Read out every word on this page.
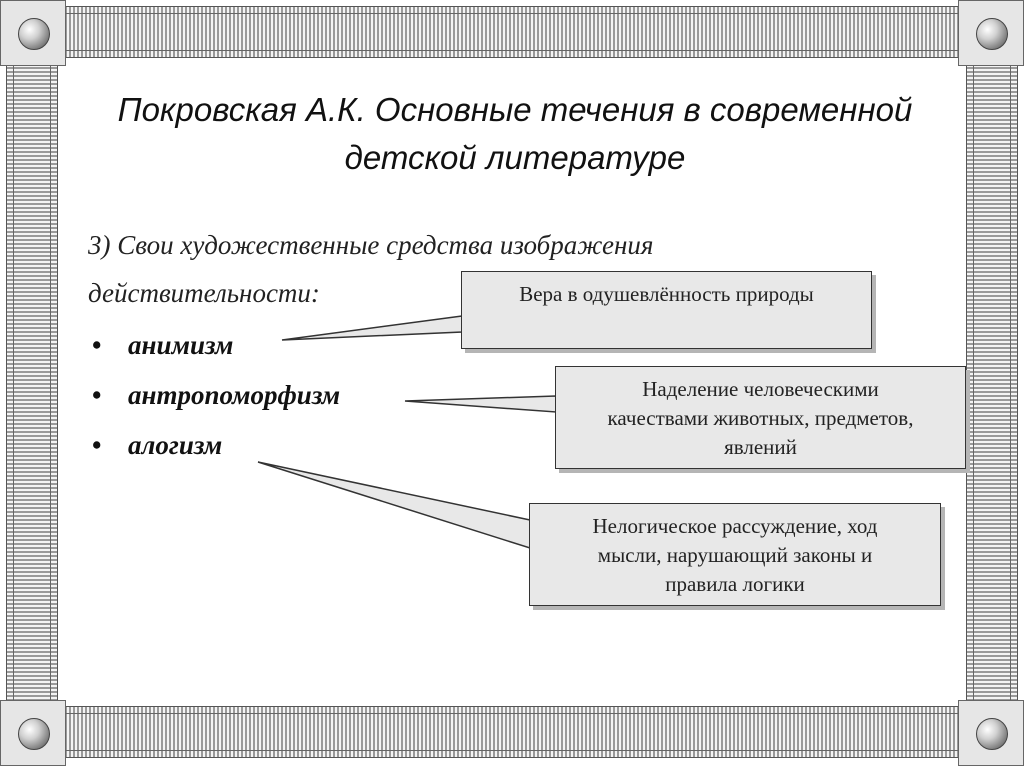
Покровская А.К. Основные течения в современной
детской литературе
3) Свои художественные средства изображения
действительности:
• анимизм
• антропоморфизм
• алогизм
Вера в одушевлённость природы
Наделение человеческими
качествами животных, предметов,
явлений
Нелогическое рассуждение, ход
мысли, нарушающий законы и
правила логики
